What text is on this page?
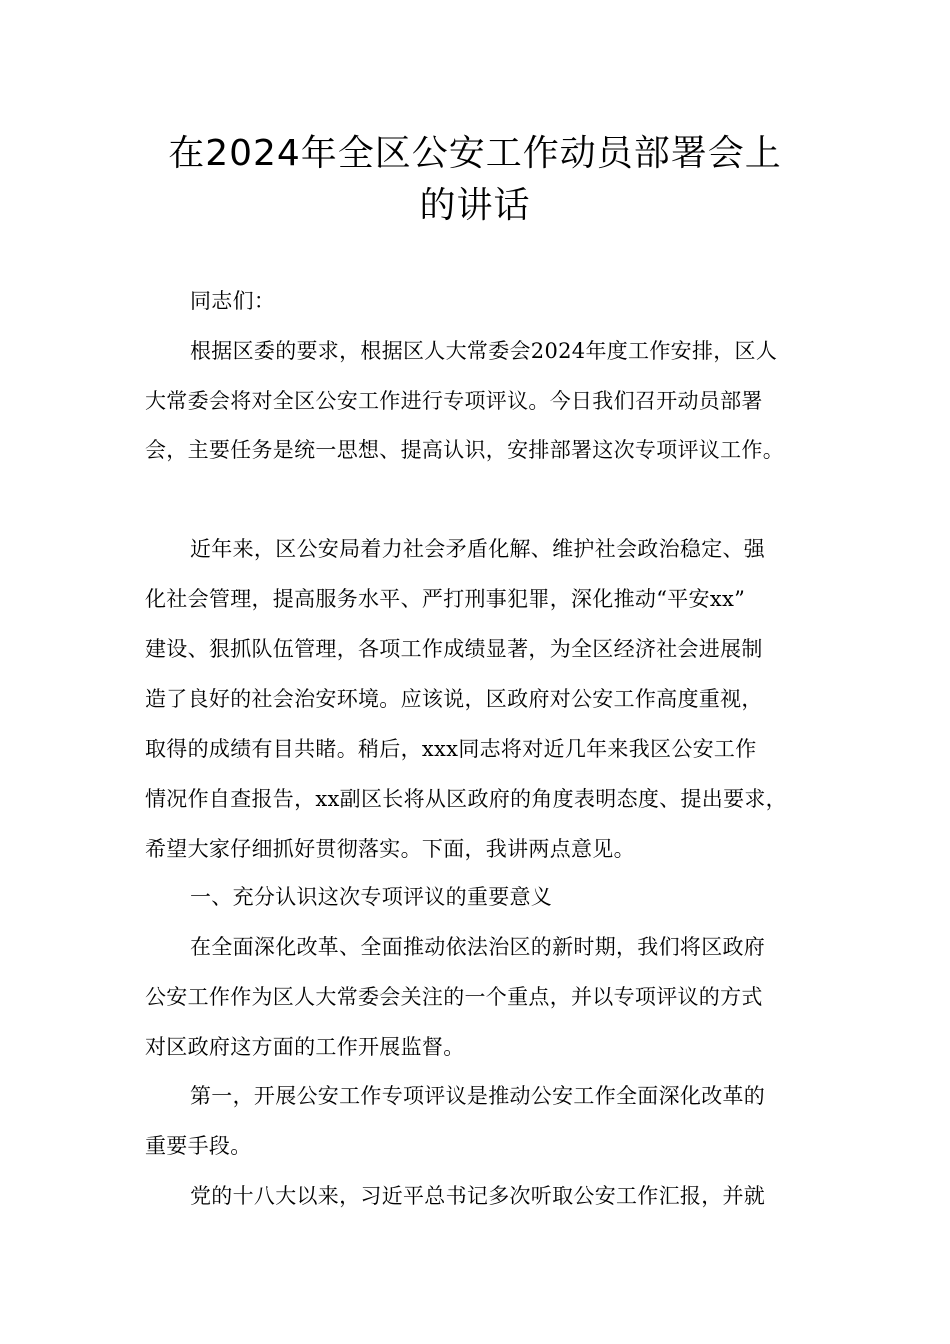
在2024年全区公安工作动员部署会上
的讲话
同志们：
根据区委的要求，根据区人大常委会2024年度工作安排，区人
大常委会将对全区公安工作进行专项评议。今日我们召开动员部署
会，主要任务是统一思想、提高认识，安排部署这次专项评议工作。
近年来，区公安局着力社会矛盾化解、维护社会政治稳定、强
化社会管理，提高服务水平、严打刑事犯罪，深化推动“平安xx”
建设、狠抓队伍管理，各项工作成绩显著，为全区经济社会进展制
造了良好的社会治安环境。应该说，区政府对公安工作高度重视，
取得的成绩有目共睹。稍后，xxx同志将对近几年来我区公安工作
情况作自查报告，xx副区长将从区政府的角度表明态度、提出要求，
希望大家仔细抓好贯彻落实。下面，我讲两点意见。
一、充分认识这次专项评议的重要意义
在全面深化改革、全面推动依法治区的新时期，我们将区政府
公安工作作为区人大常委会关注的一个重点，并以专项评议的方式
对区政府这方面的工作开展监督。
第一，开展公安工作专项评议是推动公安工作全面深化改革的
重要手段。
党的十八大以来，习近平总书记多次听取公安工作汇报，并就
